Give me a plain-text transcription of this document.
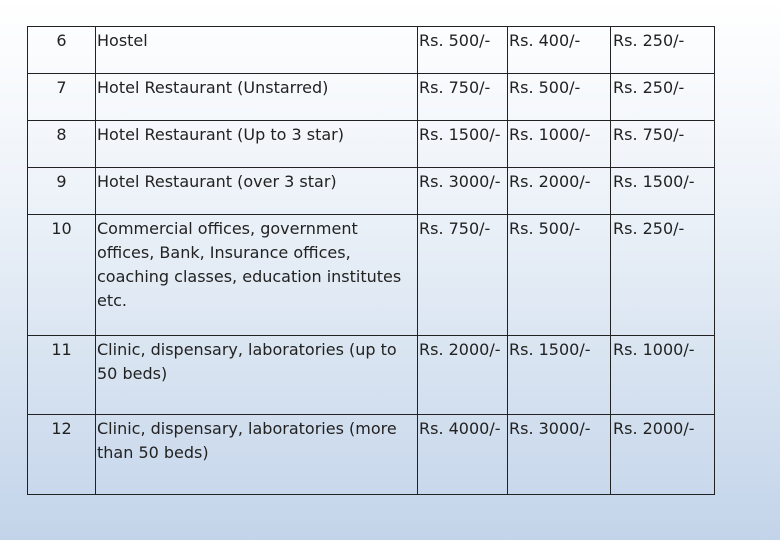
6	Hostel	Rs. 500/-	Rs. 400/-	Rs. 250/-

7	Hotel Restaurant (Unstarred)	Rs. 750/-	Rs. 500/-	Rs. 250/-

8	Hotel Restaurant (Up to 3 star)	Rs. 1500/-	Rs. 1000/-	Rs. 750/-

9	Hotel Restaurant (over 3 star)	Rs. 3000/-	Rs. 2000/-	Rs. 1500/-

10	Commercial offices, government offices, Bank, Insurance offices, coaching classes, education institutes etc.	Rs. 750/-	Rs. 500/-	Rs. 250/-

11	Clinic, dispensary, laboratories (up to 50 beds)	Rs. 2000/-	Rs. 1500/-	Rs. 1000/-

12	Clinic, dispensary, laboratories (more than 50 beds)	Rs. 4000/-	Rs. 3000/-	Rs. 2000/-
